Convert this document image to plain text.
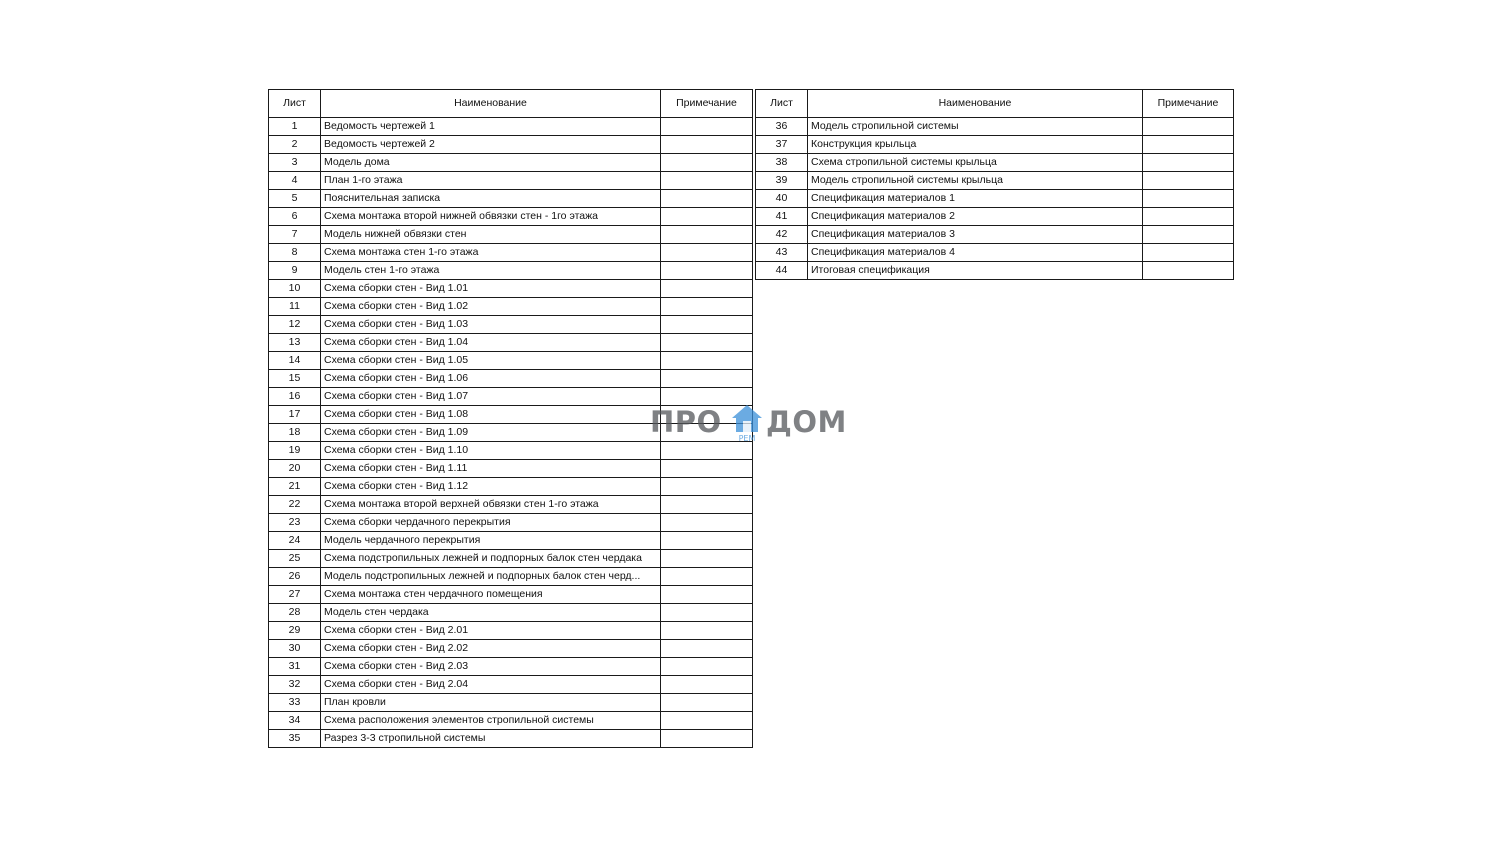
Лист	Наименование	Примечание
1	Ведомость чертежей 1	
2	Ведомость чертежей 2	
3	Модель дома	
4	План 1-го этажа	
5	Пояснительная записка	
6	Схема монтажа второй нижней обвязки стен - 1го этажа	
7	Модель нижней обвязки стен	
8	Схема монтажа стен 1-го этажа	
9	Модель стен 1-го этажа	
10	Схема сборки стен - Вид 1.01	
11	Схема сборки стен - Вид 1.02	
12	Схема сборки стен - Вид 1.03	
13	Схема сборки стен - Вид 1.04	
14	Схема сборки стен - Вид 1.05	
15	Схема сборки стен - Вид 1.06	
16	Схема сборки стен - Вид 1.07	
17	Схема сборки стен - Вид 1.08	
18	Схема сборки стен - Вид 1.09	
19	Схема сборки стен - Вид 1.10	
20	Схема сборки стен - Вид 1.11	
21	Схема сборки стен - Вид 1.12	
22	Схема монтажа второй верхней обвязки стен 1-го этажа	
23	Схема сборки чердачного перекрытия	
24	Модель чердачного перекрытия	
25	Схема подстропильных лежней и подпорных балок стен чердака	
26	Модель подстропильных лежней и подпорных балок стен черд...	
27	Схема монтажа стен чердачного помещения	
28	Модель стен чердака	
29	Схема сборки стен - Вид 2.01	
30	Схема сборки стен - Вид 2.02	
31	Схема сборки стен - Вид 2.03	
32	Схема сборки стен - Вид 2.04	
33	План кровли	
34	Схема расположения элементов стропильной системы	
35	Разрез 3-3 стропильной системы	
Лист	Наименование	Примечание
36	Модель стропильной системы	
37	Конструкция крыльца	
38	Схема стропильной системы крыльца	
39	Модель стропильной системы крыльца	
40	Спецификация материалов 1	
41	Спецификация материалов 2	
42	Спецификация материалов 3	
43	Спецификация материалов 4	
44	Итоговая спецификация	
ПРО РЕМ ДОМ
